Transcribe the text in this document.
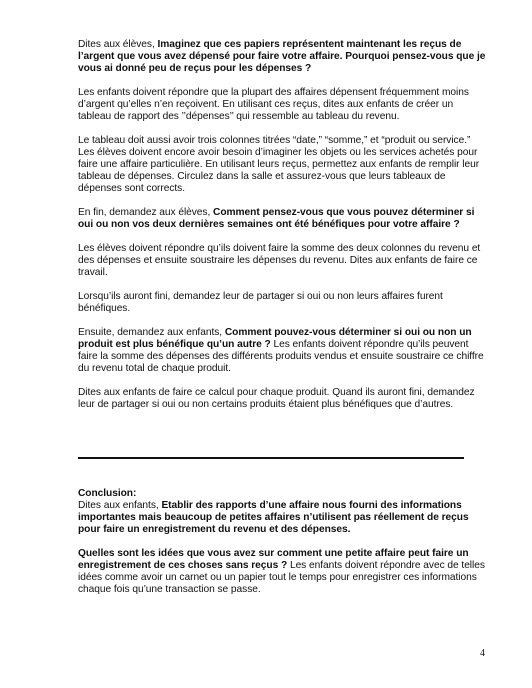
Dites aux élèves, Imaginez que ces papiers représentent maintenant les reçus de l’argent que vous avez dépensé pour faire votre affaire. Pourquoi pensez-vous que je vous ai donné peu de reçus pour les dépenses ?

Les enfants doivent répondre que la plupart des affaires dépensent fréquemment moins d’argent qu’elles n’en reçoivent. En utilisant ces reçus, dites aux enfants de créer un tableau de rapport des ’’dépenses’’ qui ressemble au tableau du revenu.

Le tableau doit aussi avoir trois colonnes titrées “date,” “somme,” et “produit ou service.” Les élèves doivent encore avoir besoin d’imaginer les objets ou les services achetés pour faire une affaire particulière. En utilisant leurs reçus, permettez aux enfants de remplir leur tableau de dépenses. Circulez dans la salle et assurez-vous que leurs tableaux de dépenses sont corrects.

En fin, demandez aux élèves, Comment pensez-vous que vous pouvez déterminer si oui ou non vos deux dernières semaines ont été bénéfiques pour votre affaire ?

Les élèves doivent répondre qu’ils doivent faire la somme des deux colonnes du revenu et des dépenses et ensuite soustraire les dépenses du revenu. Dites aux enfants de faire ce travail.

Lorsqu’ils auront fini, demandez leur de partager si oui ou non leurs affaires furent bénéfiques.

Ensuite, demandez aux enfants, Comment pouvez-vous déterminer si oui ou non un produit est plus bénéfique qu’un autre ? Les enfants doivent répondre qu’ils peuvent faire la somme des dépenses des différents produits vendus et ensuite soustraire ce chiffre du revenu total de chaque produit.

Dites aux enfants de faire ce calcul pour chaque produit. Quand ils auront fini, demandez leur de partager si oui ou non certains produits étaient plus bénéfiques que d’autres.

Conclusion:
Dites aux enfants, Etablir des rapports d’une affaire nous fourni des informations importantes mais beaucoup de petites affaires n’utilisent pas réellement de reçus pour faire un enregistrement du revenu et des dépenses.

Quelles sont les idées que vous avez sur comment une petite affaire peut faire un enregistrement de ces choses sans reçus ? Les enfants doivent répondre avec de telles idées comme avoir un carnet ou un papier tout le temps pour enregistrer ces informations chaque fois qu’une transaction se passe.

4
